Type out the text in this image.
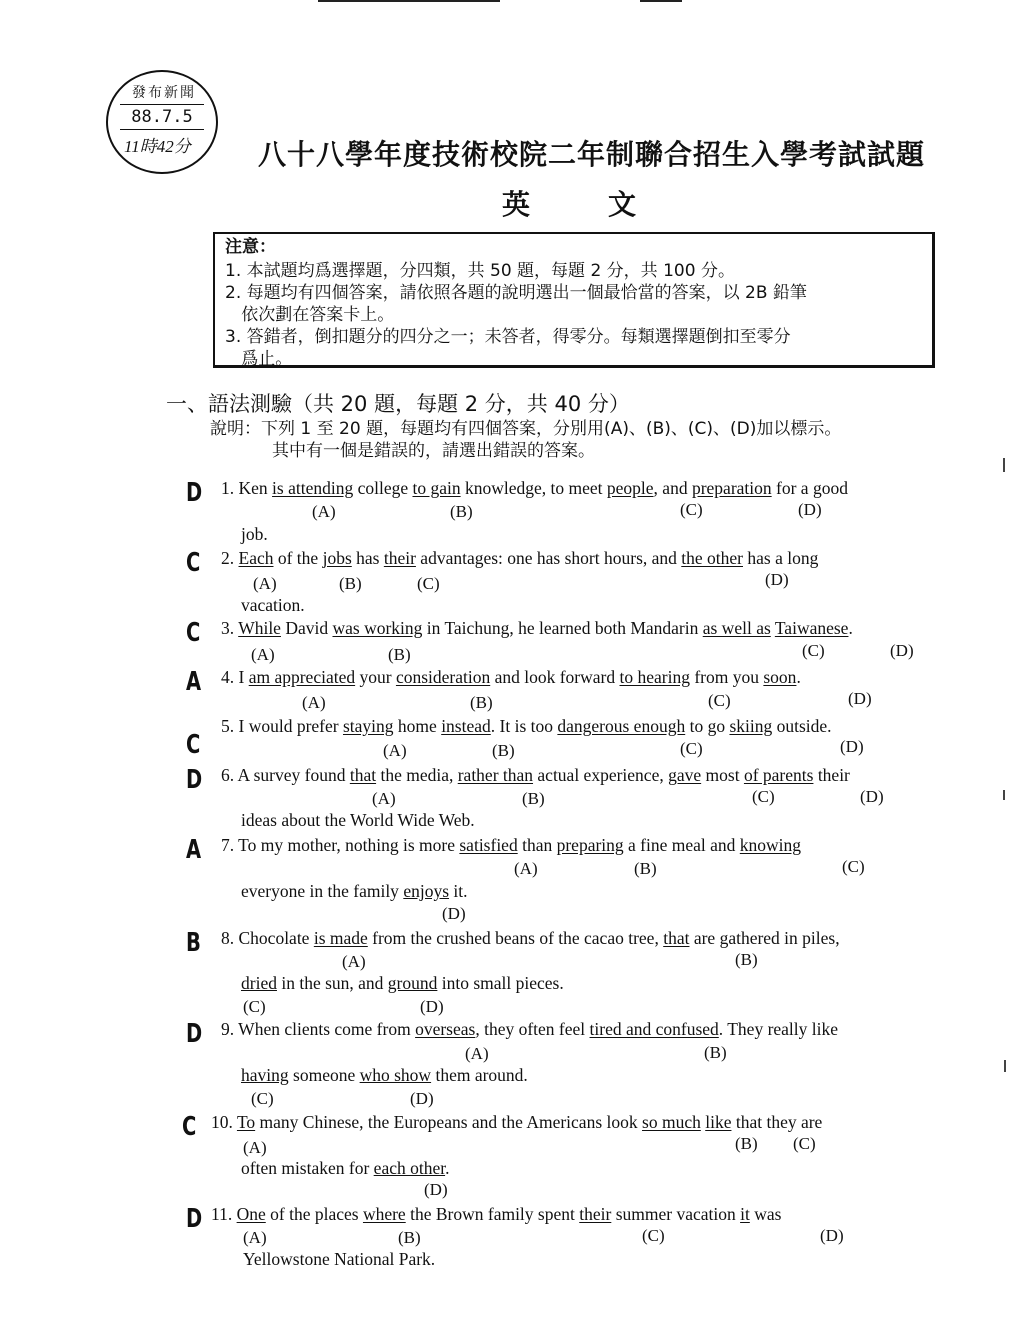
發布新聞
88.7.5
11時42分 八十八學年度技術校院二年制聯合招生入學考試試題
英	文
注意：
1. 本試題均爲選擇題，分四類，共 50 題，每題 2 分，共 100 分。
2. 每題均有四個答案，請依照各題的說明選出一個最恰當的答案，以 2B 鉛筆
依次劃在答案卡上。
3. 答錯者，倒扣題分的四分之一；未答者，得零分。每類選擇題倒扣至零分
爲止。
一、語法測驗（共 20 題，每題 2 分，共 40 分）
說明：下列 1 至 20 題，每題均有四個答案，分別用(A)、(B)、(C)、(D)加以標示。
其中有一個是錯誤的，請選出錯誤的答案。
D 1. Ken is attending college to gain knowledge, to meet people, and preparation for a good
(A)	(B)	(C)	(D)
job.
C 2. Each of the jobs has their advantages: one has short hours, and the other has a long
(A)	(B)	(C)	(D)
vacation.
C 3. While David was working in Taichung, he learned both Mandarin as well as Taiwanese.
(A)	(B)	(C)	(D)
A 4. I am appreciated your consideration and look forward to hearing from you soon.
(A)	(B)	(C)	(D)
C
5. I would prefer staying home instead. It is too dangerous enough to go skiing outside.
(A)	(B)	(C)	(D)
D 6. A survey found that the media, rather than actual experience, gave most of parents their
(A)	(B)	(C)	(D)
ideas about the World Wide Web.
A 7. To my mother, nothing is more satisfied than preparing a fine meal and knowing
(A)	(B)	(C)
(D)
everyone in the family enjoys it.
B 8. Chocolate is made from the crushed beans of the cacao tree, that are gathered in piles,
(A)	(B)
(C)	(D)
dried in the sun, and ground into small pieces.
D 9. When clients come from overseas, they often feel tired and confused. They really like
(A)	(B)
(C)	(D)
having someone who show them around.
C 10. To many Chinese, the Europeans and the Americans look so much like that they are
(A)	(B) (C)
(D)
often mistaken for each other.
D 11. One of the places where the Brown family spent their summer vacation it was
(A)	(B)	(C)	(D)
Yellowstone National Park.
